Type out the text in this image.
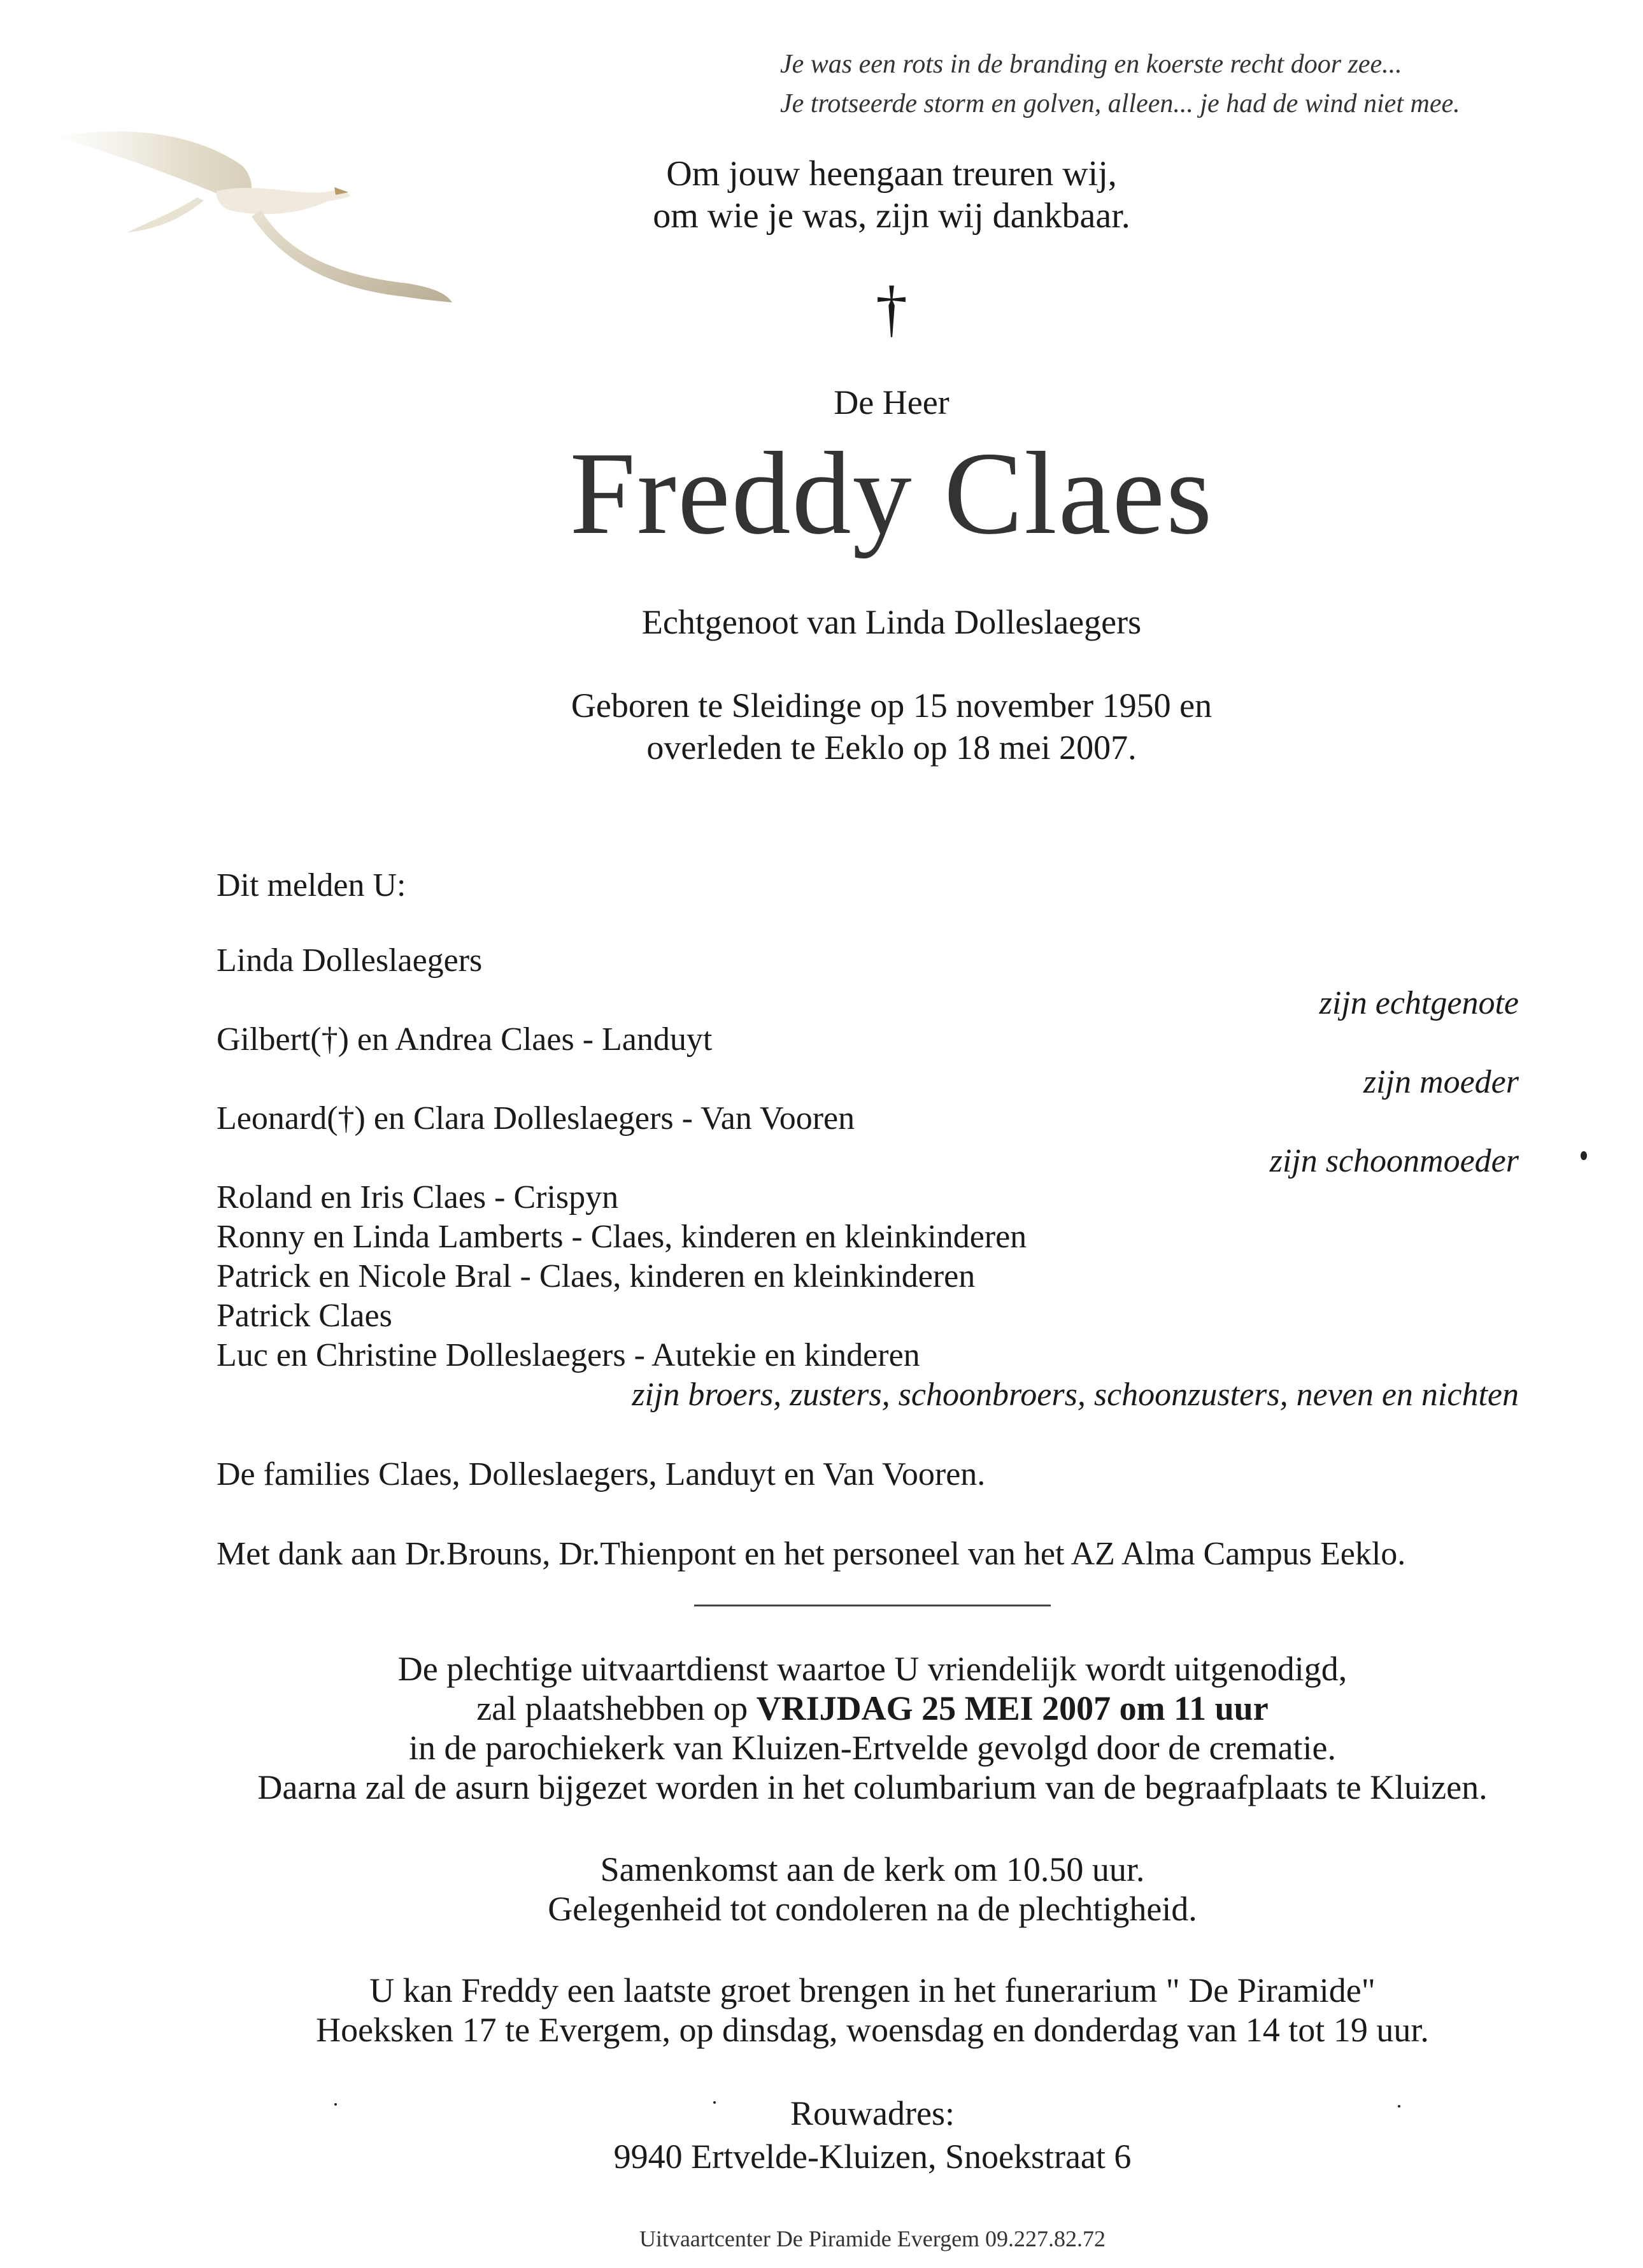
Je was een rots in de branding en koerste recht door zee...
Je trotseerde storm en golven, alleen... je had de wind niet mee.
Om jouw heengaan treuren wij,
om wie je was, zijn wij dankbaar.
†
De Heer
Freddy Claes
Echtgenoot van Linda Dolleslaegers
Geboren te Sleidinge op 15 november 1950 en
overleden te Eeklo op 18 mei 2007.
Dit melden U:
Linda Dolleslaegers
zijn echtgenote
Gilbert(†) en Andrea Claes - Landuyt
zijn moeder
Leonard(†) en Clara Dolleslaegers - Van Vooren
zijn schoonmoeder
Roland en Iris Claes - Crispyn
Ronny en Linda Lamberts - Claes, kinderen en kleinkinderen
Patrick en Nicole Bral - Claes, kinderen en kleinkinderen
Patrick Claes
Luc en Christine Dolleslaegers - Autekie en kinderen
zijn broers, zusters, schoonbroers, schoonzusters, neven en nichten
De families Claes, Dolleslaegers, Landuyt en Van Vooren.
Met dank aan Dr.Brouns, Dr.Thienpont en het personeel van het AZ Alma Campus Eeklo.
De plechtige uitvaartdienst waartoe U vriendelijk wordt uitgenodigd,
zal plaatshebben op VRIJDAG 25 MEI 2007 om 11 uur
in de parochiekerk van Kluizen-Ertvelde gevolgd door de crematie.
Daarna zal de asurn bijgezet worden in het columbarium van de begraafplaats te Kluizen.
Samenkomst aan de kerk om 10.50 uur.
Gelegenheid tot condoleren na de plechtigheid.
U kan Freddy een laatste groet brengen in het funerarium " De Piramide"
Hoeksken 17 te Evergem, op dinsdag, woensdag en donderdag van 14 tot 19 uur.
Rouwadres:
9940 Ertvelde-Kluizen, Snoekstraat 6
Uitvaartcenter De Piramide Evergem 09.227.82.72
